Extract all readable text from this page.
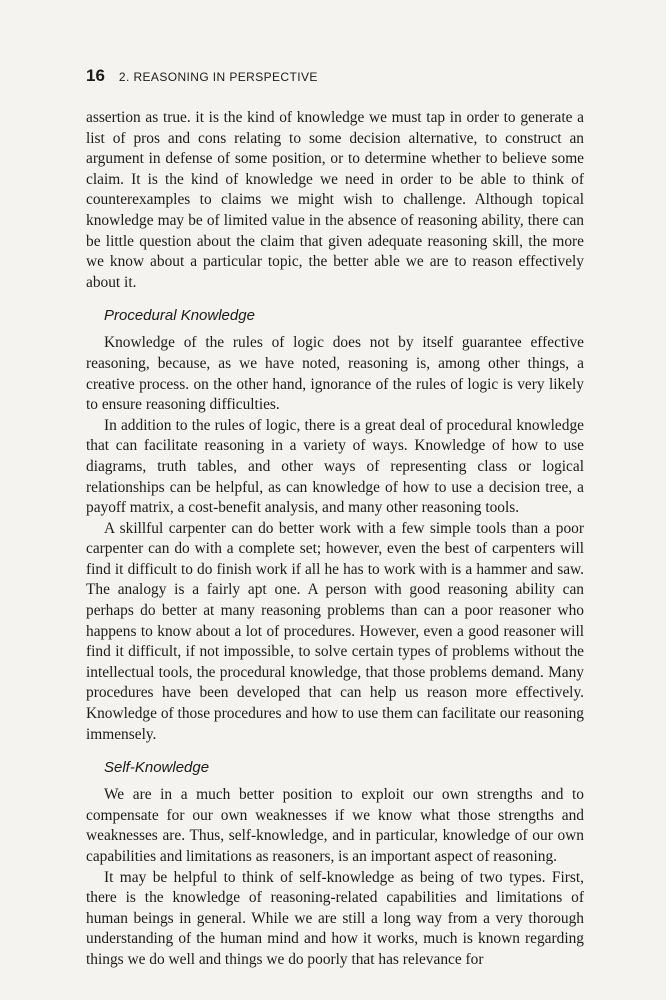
16 2. REASONING IN PERSPECTIVE

assertion as true. it is the kind of knowledge we must tap in order to generate a list of pros and cons relating to some decision alternative, to construct an argument in defense of some position, or to determine whether to believe some claim. It is the kind of knowledge we need in order to be able to think of counterexamples to claims we might wish to challenge. Although topical knowledge may be of limited value in the absence of reasoning ability, there can be little question about the claim that given adequate reasoning skill, the more we know about a particular topic, the better able we are to reason effectively about it.

Procedural Knowledge

Knowledge of the rules of logic does not by itself guarantee effective reasoning, because, as we have noted, reasoning is, among other things, a creative process. on the other hand, ignorance of the rules of logic is very likely to ensure reasoning difficulties.

In addition to the rules of logic, there is a great deal of procedural knowledge that can facilitate reasoning in a variety of ways. Knowledge of how to use diagrams, truth tables, and other ways of representing class or logical relationships can be helpful, as can knowledge of how to use a decision tree, a payoff matrix, a cost-benefit analysis, and many other reasoning tools.

A skillful carpenter can do better work with a few simple tools than a poor carpenter can do with a complete set; however, even the best of carpenters will find it difficult to do finish work if all he has to work with is a hammer and saw. The analogy is a fairly apt one. A person with good reasoning ability can perhaps do better at many reasoning problems than can a poor reasoner who happens to know about a lot of procedures. However, even a good reasoner will find it difficult, if not impossible, to solve certain types of problems without the intellectual tools, the procedural knowledge, that those problems demand. Many procedures have been developed that can help us reason more effectively. Knowledge of those procedures and how to use them can facilitate our reasoning immensely.

Self-Knowledge

We are in a much better position to exploit our own strengths and to compensate for our own weaknesses if we know what those strengths and weaknesses are. Thus, self-knowledge, and in particular, knowledge of our own capabilities and limitations as reasoners, is an important aspect of reasoning.

It may be helpful to think of self-knowledge as being of two types. First, there is the knowledge of reasoning-related capabilities and limitations of human beings in general. While we are still a long way from a very thorough understanding of the human mind and how it works, much is known regarding things we do well and things we do poorly that has relevance for
